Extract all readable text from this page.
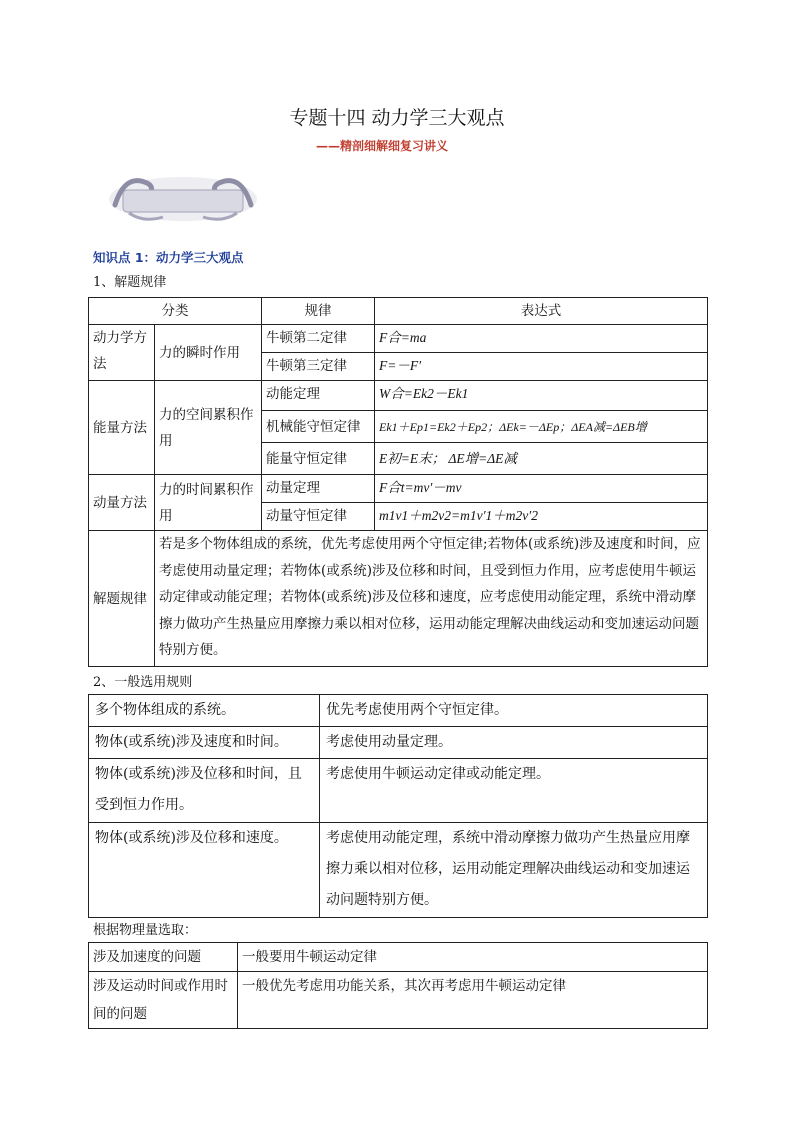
专题十四 动力学三大观点
——精剖细解细复习讲义
知识点 1：动力学三大观点
1、解题规律
分类		规律	表达式
动力学方法	力的瞬时作用	牛顿第二定律	F合=ma
		牛顿第三定律	F=－F′
能量方法	力的空间累积作用	动能定理	W合=Ek2－Ek1
		机械能守恒定律	Ek1＋Ep1=Ek2＋Ep2；ΔEk=－ΔEp；ΔEA减=ΔEB增
		能量守恒定律	E初=E末； ΔE增=ΔE减
动量方法	力的时间累积作用	动量定理	F合t=mv′－mv
		动量守恒定律	m1v1＋m2v2=m1v′1＋m2v′2
解题规律	若是多个物体组成的系统，优先考虑使用两个守恒定律;若物体(或系统)涉及速度和时间，应考虑使用动量定理；若物体(或系统)涉及位移和时间，且受到恒力作用，应考虑使用牛顿运动定律或动能定理；若物体(或系统)涉及位移和速度，应考虑使用动能定理，系统中滑动摩擦力做功产生热量应用摩擦力乘以相对位移，运用动能定理解决曲线运动和变加速运动问题特别方便。		
2、一般选用规则
多个物体组成的系统。	优先考虑使用两个守恒定律。
物体(或系统)涉及速度和时间。	考虑使用动量定理。
物体(或系统)涉及位移和时间，且受到恒力作用。	考虑使用牛顿运动定律或动能定理。
物体(或系统)涉及位移和速度。	考虑使用动能定理，系统中滑动摩擦力做功产生热量应用摩擦力乘以相对位移，运用动能定理解决曲线运动和变加速运动问题特别方便。
根据物理量选取：
涉及加速度的问题	一般要用牛顿运动定律
涉及运动时间或作用时间的问题	一般优先考虑用功能关系，其次再考虑用牛顿运动定律
